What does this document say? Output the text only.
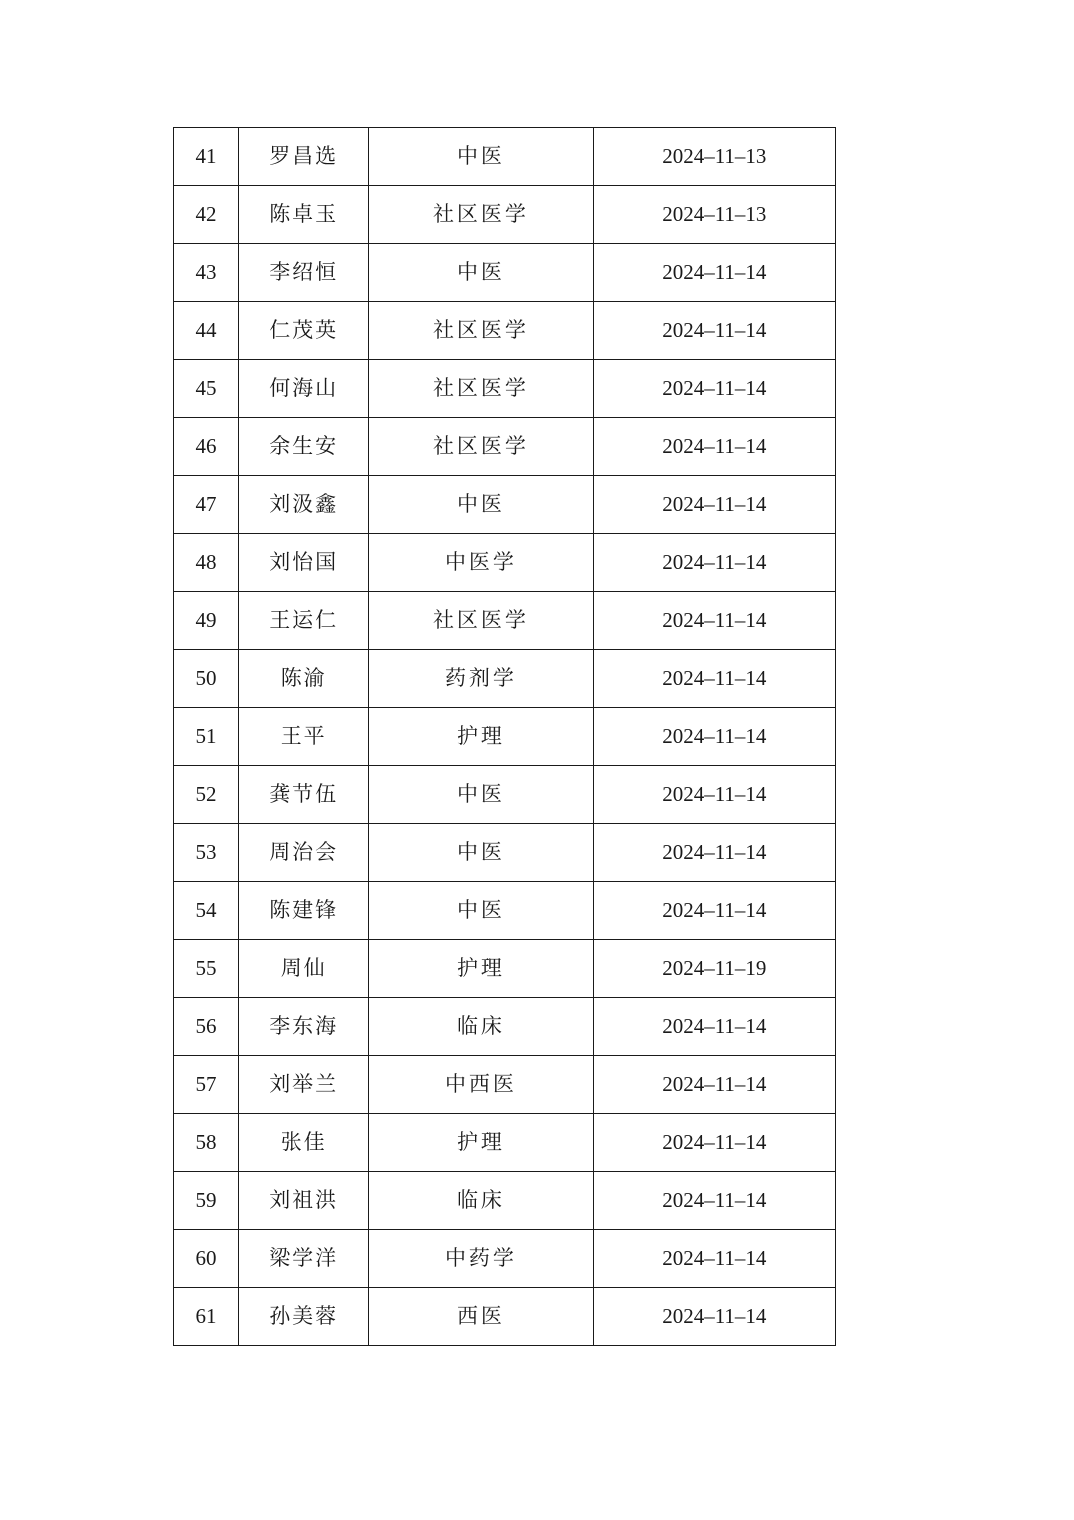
41	罗昌选	中医	2024–11–13
42	陈卓玉	社区医学	2024–11–13
43	李绍恒	中医	2024–11–14
44	仁茂英	社区医学	2024–11–14
45	何海山	社区医学	2024–11–14
46	余生安	社区医学	2024–11–14
47	刘汲鑫	中医	2024–11–14
48	刘怡国	中医学	2024–11–14
49	王运仁	社区医学	2024–11–14
50	陈渝	药剂学	2024–11–14
51	王平	护理	2024–11–14
52	龚节伍	中医	2024–11–14
53	周治会	中医	2024–11–14
54	陈建锋	中医	2024–11–14
55	周仙	护理	2024–11–19
56	李东海	临床	2024–11–14
57	刘举兰	中西医	2024–11–14
58	张佳	护理	2024–11–14
59	刘祖洪	临床	2024–11–14
60	梁学洋	中药学	2024–11–14
61	孙美蓉	西医	2024–11–14
